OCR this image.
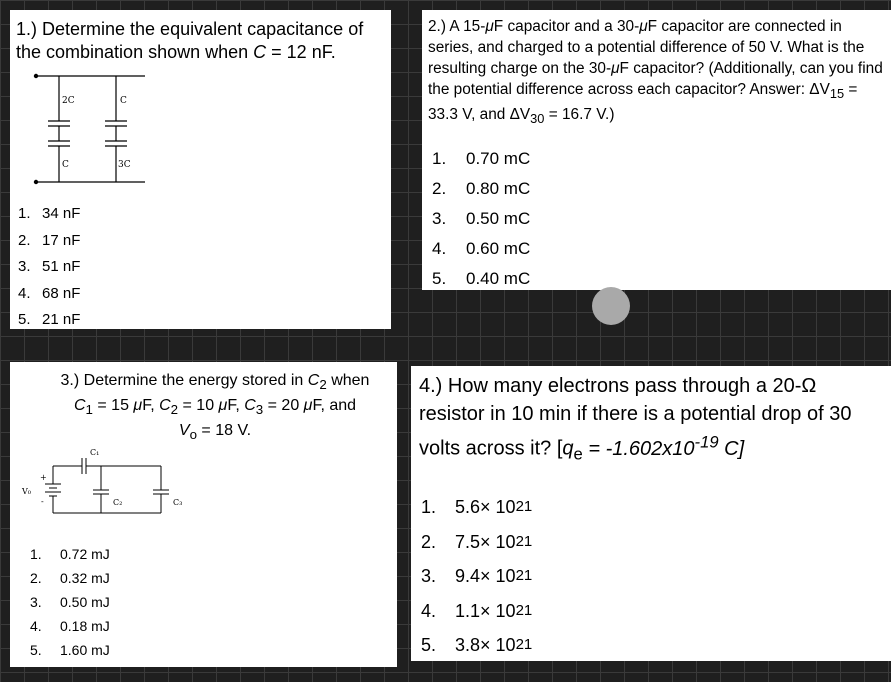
1.) Determine the equivalent capacitance of the combination shown when C = 12 nF.
2C	C
C	3C
1. 34 nF
2. 17 nF
3. 51 nF
4. 68 nF
5. 21 nF
2.) A 15-μF capacitor and a 30-μF capacitor are connected in series, and charged to a potential difference of 50 V. What is the resulting charge on the 30-μF capacitor? (Additionally, can you find the potential difference across each capacitor? Answer: $\Delta V_{15} = 33.3$ V, and $\Delta V_{30} = 16.7$ V.)
1.	0.70 mC
2.	0.80 mC
3.	0.50 mC
4.	0.60 mC
5.	0.40 mC
3.) Determine the energy stored in $C_2$ when
$C_1 = 15$ μF, $C_2 = 10$ μF, $C_3 = 20$ μF, and
$V_o = 18$ V.
+
-
V₀
C₁
C₂	C₃
1.	0.72 mJ
2.	0.32 mJ
3.	0.50 mJ
4.	0.18 mJ
5.	1.60 mJ
4.) How many electrons pass through a 20-Ω resistor in 10 min if there is a potential drop of 30 volts across it? [$q_e = -1.602x10^{-19}$ C]
1.	5.6 × 10 21
2.	7.5 × 10 21
3.	9.4 × 10 21
4.	1.1 × 10 21
5.	3.8 × 10 21
